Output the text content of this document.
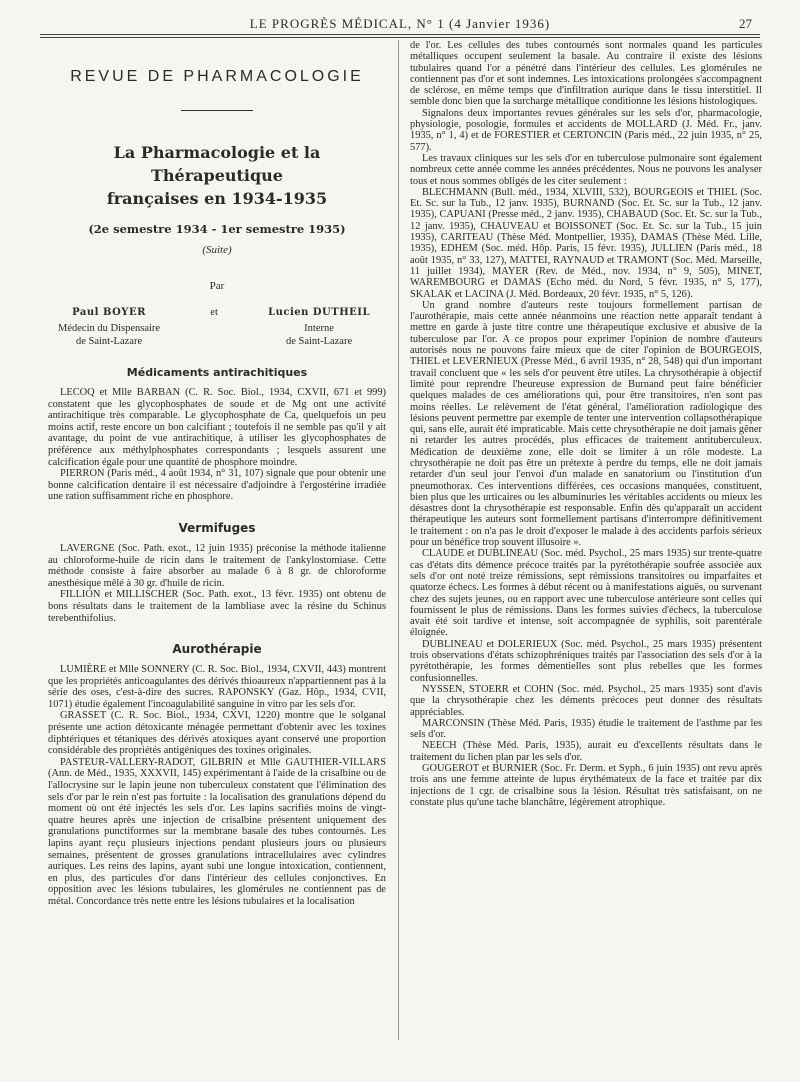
LE PROGRÈS MÉDICAL, N° 1 (4 Janvier 1936)	27
REVUE DE PHARMACOLOGIE
La Pharmacologie et la Thérapeutique
françaises en 1934-1935
(2e semestre 1934 - 1er semestre 1935)
(Suite)
Par
Paul BOYER
Médecin du Dispensaire
de Saint-Lazare
et	Lucien DUTHEIL
Interne
de Saint-Lazare
Médicaments antirachitiques

LECOQ et Mlle BARBAN (C. R. Soc. Biol., 1934, CXVII, 671 et 999) constatent que les glycophosphates de soude et de Mg ont une activité antirachitique très comparable. Le glycophosphate de Ca, quelquefois un peu moins actif, reste encore un bon calcifiant ; toutefois il ne semble pas qu'il y ait avantage, du point de vue antirachitique, à utiliser les glycophosphates de préférence aux méthylphosphates correspondants ; lesquels assurent une calcification égale pour une quantité de phosphore moindre.

PIERRON (Paris méd., 4 août 1934, n° 31, 107) signale que pour obtenir une bonne calcification dentaire il est nécessaire d'adjoindre à l'ergostérine irradiée une ration suffisamment riche en phosphore.

Vermifuges

LAVERGNE (Soc. Path. exot., 12 juin 1935) préconise la méthode italienne au chloroforme-huile de ricin dans le traitement de l'ankylostomiase. Cette méthode consiste à faire absorber au malade 6 à 8 gr. de chloroforme anesthésique mêlé à 30 gr. d'huile de ricin.

FILLION et MILLISCHER (Soc. Path. exot., 13 févr. 1935) ont obtenu de bons résultats dans le traitement de la lambliase avec la résine du Schinus terebenthifolius.

Aurothérapie

LUMIÈRE et Mlle SONNERY (C. R. Soc. Biol., 1934, CXVII, 443) montrent que les propriétés anticoagulantes des dérivés thioaureux n'appartiennent pas à la série des oses, c'est-à-dire des sucres. RAPONSKY (Gaz. Hôp., 1934, CVII, 1071) étudie également l'incoagulabilité sanguine in vitro par les sels d'or.

GRASSET (C. R. Soc. Biol., 1934, CXVI, 1220) montre que le solganal présente une action détoxicante ménagée permettant d'obtenir avec les toxines diphtériques et tétaniques des dérivés atoxiques ayant conservé une proportion considérable des propriétés antigéniques des toxines originales.

PASTEUR-VALLERY-RADOT, GILBRIN et Mlle GAUTHIER-VILLARS (Ann. de Méd., 1935, XXXVII, 145) expérimentant à l'aide de la crisalbine ou de l'allocrysine sur le lapin jeune non tuberculeux constatent que l'élimination des sels d'or par le rein n'est pas fortuite : la localisation des granulations dépend du moment où ont été injectés les sels d'or. Les lapins sacrifiés moins de vingt-quatre heures après une injection de crisalbine présentent uniquement des granulations punctiformes sur la membrane basale des tubes contournés. Les lapins ayant reçu plusieurs injections pendant plusieurs jours ou plusieurs semaines, présentent de grosses granulations intracellulaires avec cylindres auriques. Les reins des lapins, ayant subi une longue intoxication, contiennent, en plus, des particules d'or dans l'intérieur des cellules conjonctives. En opposition avec les lésions tubulaires, les glomérules ne contiennent pas de métal. Concordance très nette entre les lésions tubulaires et la localisation

de l'or. Les cellules des tubes contournés sont normales quand les particules métalliques occupent seulement la basale. Au contraire il existe des lésions tubulaires quand l'or a pénétré dans l'intérieur des cellules. Les glomérules ne contiennent pas d'or et sont indemnes. Les intoxications prolongées s'accompagnent de sclérose, en même temps que d'infiltration aurique dans le tissu interstitiel. Il semble donc bien que la surcharge métallique conditionne les lésions histologiques.

Signalons deux importantes revues générales sur les sels d'or, pharmacologie, physiologie, posologie, formules et accidents de MOLLARD (J. Méd. Fr., janv. 1935, n° 1, 4) et de FORESTIER et CERTONCIN (Paris méd., 22 juin 1935, n° 25, 577).

Les travaux cliniques sur les sels d'or en tuberculose pulmonaire sont également nombreux cette année comme les années précédentes. Nous ne pouvons les analyser tous et nous sommes obligés de les citer seulement :

BLECHMANN (Bull. méd., 1934, XLVIII, 532), BOURGEOIS et THIEL (Soc. Et. Sc. sur la Tub., 12 janv. 1935), BURNAND (Soc. Et. Sc. sur la Tub., 12 janv. 1935), CAPUANI (Presse méd., 2 janv. 1935), CHABAUD (Soc. Et. Sc. sur la Tub., 12 janv. 1935), CHAUVEAU et BOISSONET (Soc. Et. Sc. sur la Tub., 15 juin 1935), CARITEAU (Thèse Méd. Montpellier, 1935), DAMAS (Thèse Méd. Lille, 1935), EDHEM (Soc. méd. Hôp. Paris, 15 févr. 1935), JULLIEN (Paris méd., 18 août 1935, n° 33, 127), MATTEI, RAYNAUD et TRAMONT (Soc. Méd. Marseille, 11 juillet 1934), MAYER (Rev. de Méd., nov. 1934, n° 9, 505), MINET, WAREMBOURG et DAMAS (Echo méd. du Nord, 5 févr. 1935, n° 5, 177), SKALAK et LACINA (J. Méd. Bordeaux, 20 févr. 1935, n° 5, 126).

Un grand nombre d'auteurs reste toujours formellement partisan de l'aurothérapie, mais cette année néanmoins une réaction nette apparaît tendant à mettre en garde à juste titre contre une thérapeutique exclusive et abusive de la tuberculose par l'or. A ce propos pour exprimer l'opinion de nombre d'auteurs autorisés nous ne pouvons faire mieux que de citer l'opinion de BOURGEOIS, THIEL et LEVERNIEUX (Presse Méd., 6 avril 1935, n° 28, 548) qui d'un important travail concluent que « les sels d'or peuvent être utiles. La chrysothérapie à objectif limité pour reprendre l'heureuse expression de Burnand peut faire bénéficier quelques malades de ces améliorations qui, pour être transitoires, n'en sont pas moins réelles. Le relèvement de l'état général, l'amélioration radiologique des lésions peuvent permettre par exemple de tenter une intervention collapsothérapique qui, sans elle, aurait été impraticable. Mais cette chrysothérapie ne doit jamais gêner ni retarder les autres procédés, plus efficaces de traitement antituberculeux. Médication de deuxième zone, elle doit se limiter à un rôle modeste. La chrysothérapie ne doit pas être un prétexte à perdre du temps, elle ne doit jamais retarder d'un seul jour l'envoi d'un malade en sanatorium ou l'institution d'un pneumothorax. Ces interventions différées, ces occasions manquées, constituent, bien plus que les urticaires ou les albuminuries les véritables accidents ou mieux les désastres dont la chrysothérapie est responsable. Enfin dès qu'apparaît un accident thérapeutique les auteurs sont formellement partisans d'interrompre définitivement le traitement : on n'a pas le droit d'exposer le malade à des accidents parfois sérieux pour un bénéfice trop souvent illusoire ».

CLAUDE et DUBLINEAU (Soc. méd. Psychol., 25 mars 1935) sur trente-quatre cas d'états dits démence précoce traités par la pyrétothérapie soufrée associée aux sels d'or ont noté treize rémissions, sept rémissions transitoires ou imparfaites et quatorze échecs. Les formes à début récent ou à manifestations aiguës, ou survenant chez des sujets jeunes, ou en rapport avec une tuberculose antérieure sont celles qui fournissent le plus de rémissions. Dans les formes suivies d'échecs, la tuberculose avait été soit tardive et intense, soit accompagnée de syphilis, soit parentérale éloignée.

DUBLINEAU et DOLERIEUX (Soc. méd. Psychol., 25 mars 1935) présentent trois observations d'états schizophréniques traités par l'association des sels d'or à la pyrétothérapie, les formes démentielles sont plus rebelles que les formes confusionnelles.

NYSSEN, STOERR et COHN (Soc. méd. Psychol., 25 mars 1935) sont d'avis que la chrysothérapie chez les déments précoces peut donner des résultats appréciables.

MARCONSIN (Thèse Méd. Paris, 1935) étudie le traitement de l'asthme par les sels d'or.

NEECH (Thèse Méd. Paris, 1935), aurait eu d'excellents résultats dans le traitement du lichen plan par les sels d'or.

GOUGEROT et BURNIER (Soc. Fr. Derm. et Syph., 6 juin 1935) ont revu après trois ans une femme atteinte de lupus érythémateux de la face et traitée par dix injections de 1 cgr. de crisalbine sous la lésion. Résultat très satisfaisant, on ne constate plus qu'une tache blanchâtre, légèrement atrophique.
